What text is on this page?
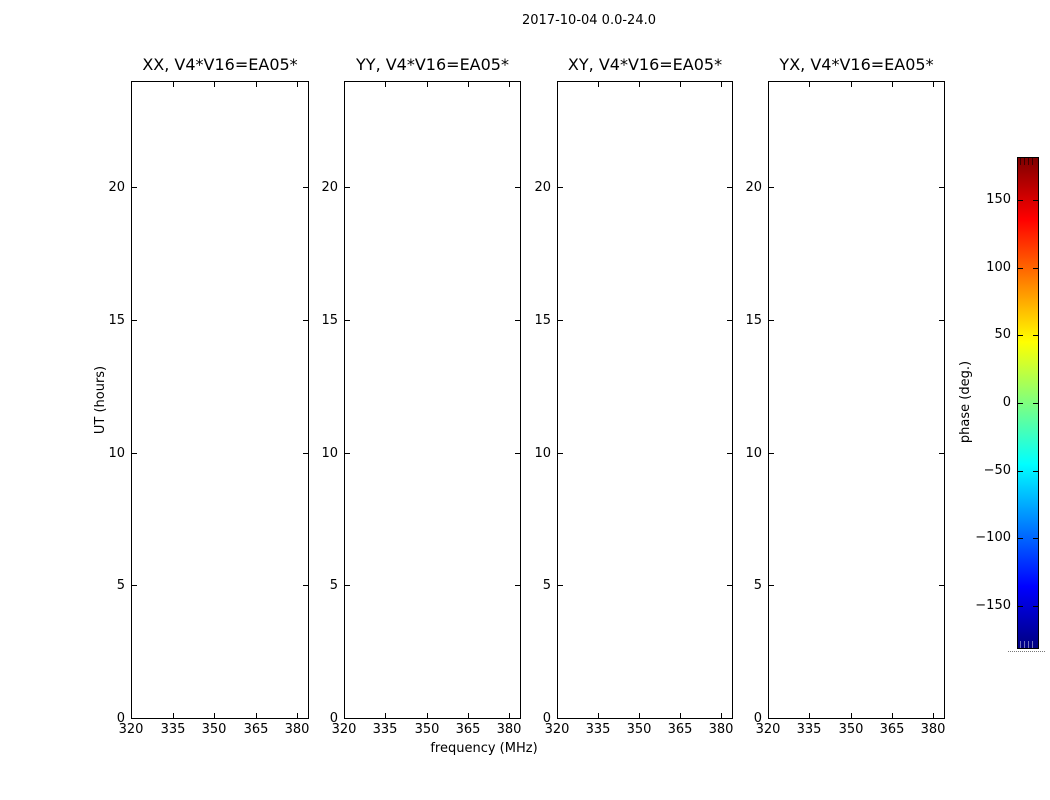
2017-10-04 0.0-24.0
UT (hours)
frequency (MHz)
phase (deg.)
XX, V4*V16=EA05*
320	335	350	365	380
0
5
10
15
20
YY, V4*V16=EA05*
320	335	350	365	380
0
5
10
15
20
XY, V4*V16=EA05*
320	335	350	365	380
0
5
10
15
20
YX, V4*V16=EA05*
320	335	350	365	380
0
5
10
15
20
150
100
50
0
−50
−100
−150
